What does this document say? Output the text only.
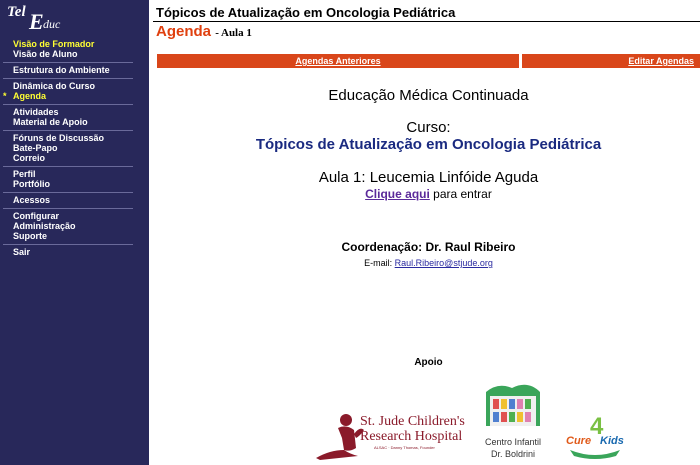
Tel E duc
Visão de Formador
Visão de Aluno
Estrutura do Ambiente
Dinâmica do Curso
* Agenda
Atividades
Material de Apoio
Fóruns de Discussão
Bate-Papo
Correio
Perfil
Portfólio
Acessos
Configurar
Administração
Suporte
Sair
Tópicos de Atualização em Oncologia Pediátrica
Agenda - Aula 1
Agendas Anteriores	Editar Agendas
Educação Médica Continuada
Curso:
Tópicos de Atualização em Oncologia Pediátrica
Aula 1: Leucemia Linfóide Aguda
Clique aqui para entrar
Coordenação: Dr. Raul Ribeiro
E-mail: Raul.Ribeiro@stjude.org
Apoio
St. Jude Children's
Research Hospital
ALSAC · Danny Thomas, Founder
Centro Infantil
Dr. Boldrini
4
Cure Kids
